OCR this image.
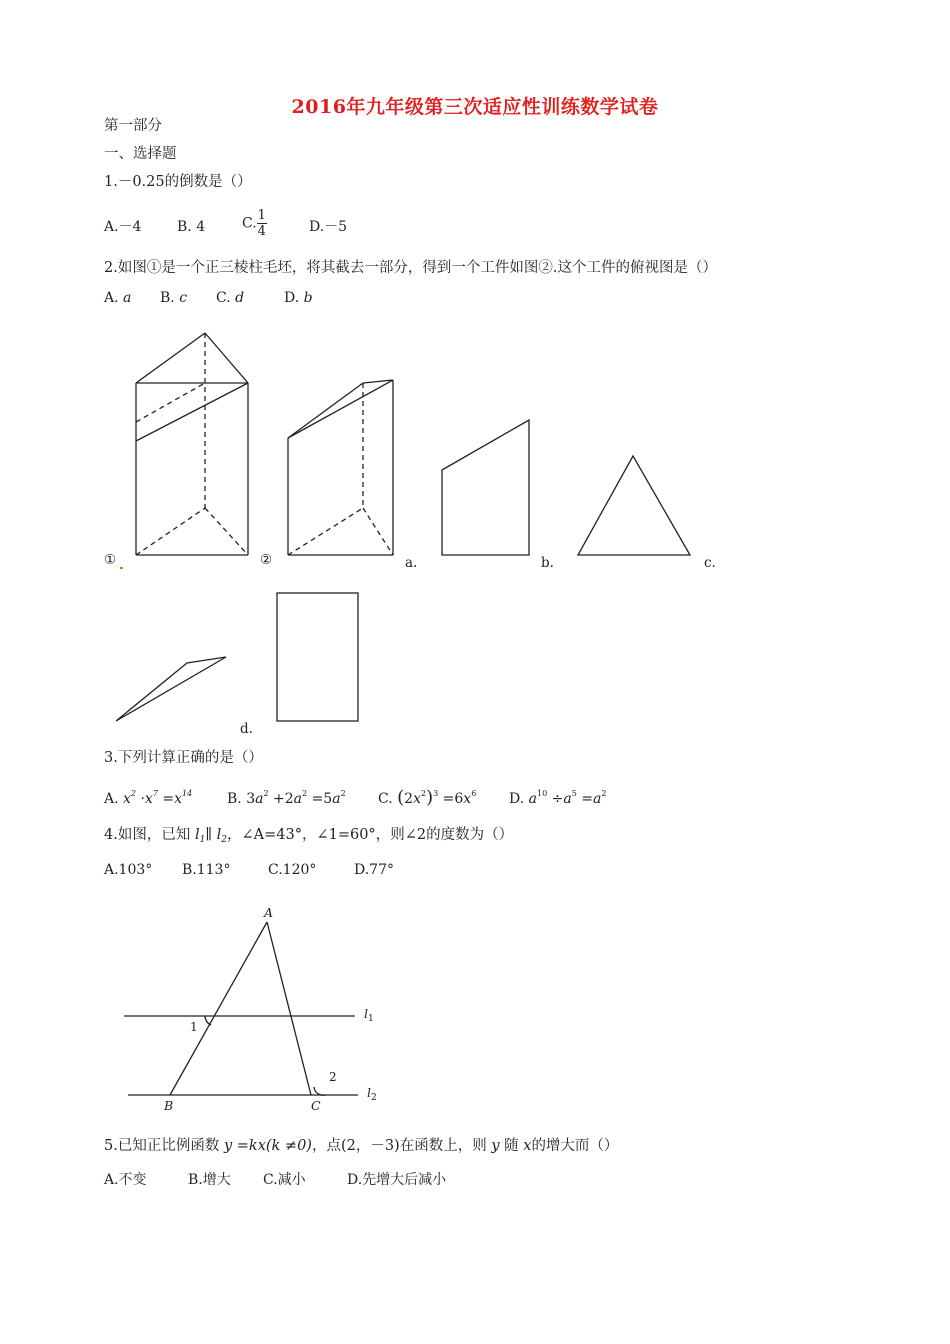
2016年九年级第三次适应性训练数学试卷
第一部分
一、选择题
1.－0.25的倒数是（）
A.－4	B. 4	C. $\frac{1}{4}$	D.－5
2.如图①是一个正三棱柱毛坯，将其截去一部分，得到一个工件如图②.这个工件的俯视图是（）
A. a B. c C. d	D. b
①	②	a.	b.	c.
d.
3.下列计算正确的是（）
A. $x^2 \cdot x^7 =x^{14}$ B. $3a^2 +2a^2 =5a^2$ C. $(2x^2)^3 =6x^6$ D. $a^{10} \div a^5 =a^2$
4.如图，已知 $l_1\parallel$ $l_2$，∠A=43°，∠1=60°，则∠2的度数为（）
A.103° B.113°	C.120°	D.77°
A
B	C
1
2
$l_1$
$l_2$
5.已知正比例函数 y =kx(k ≠0)，点(2，－3)在函数上，则 y 随 x的增大而（）
A.不变	B.增大 C.减小	D.先增大后减小
